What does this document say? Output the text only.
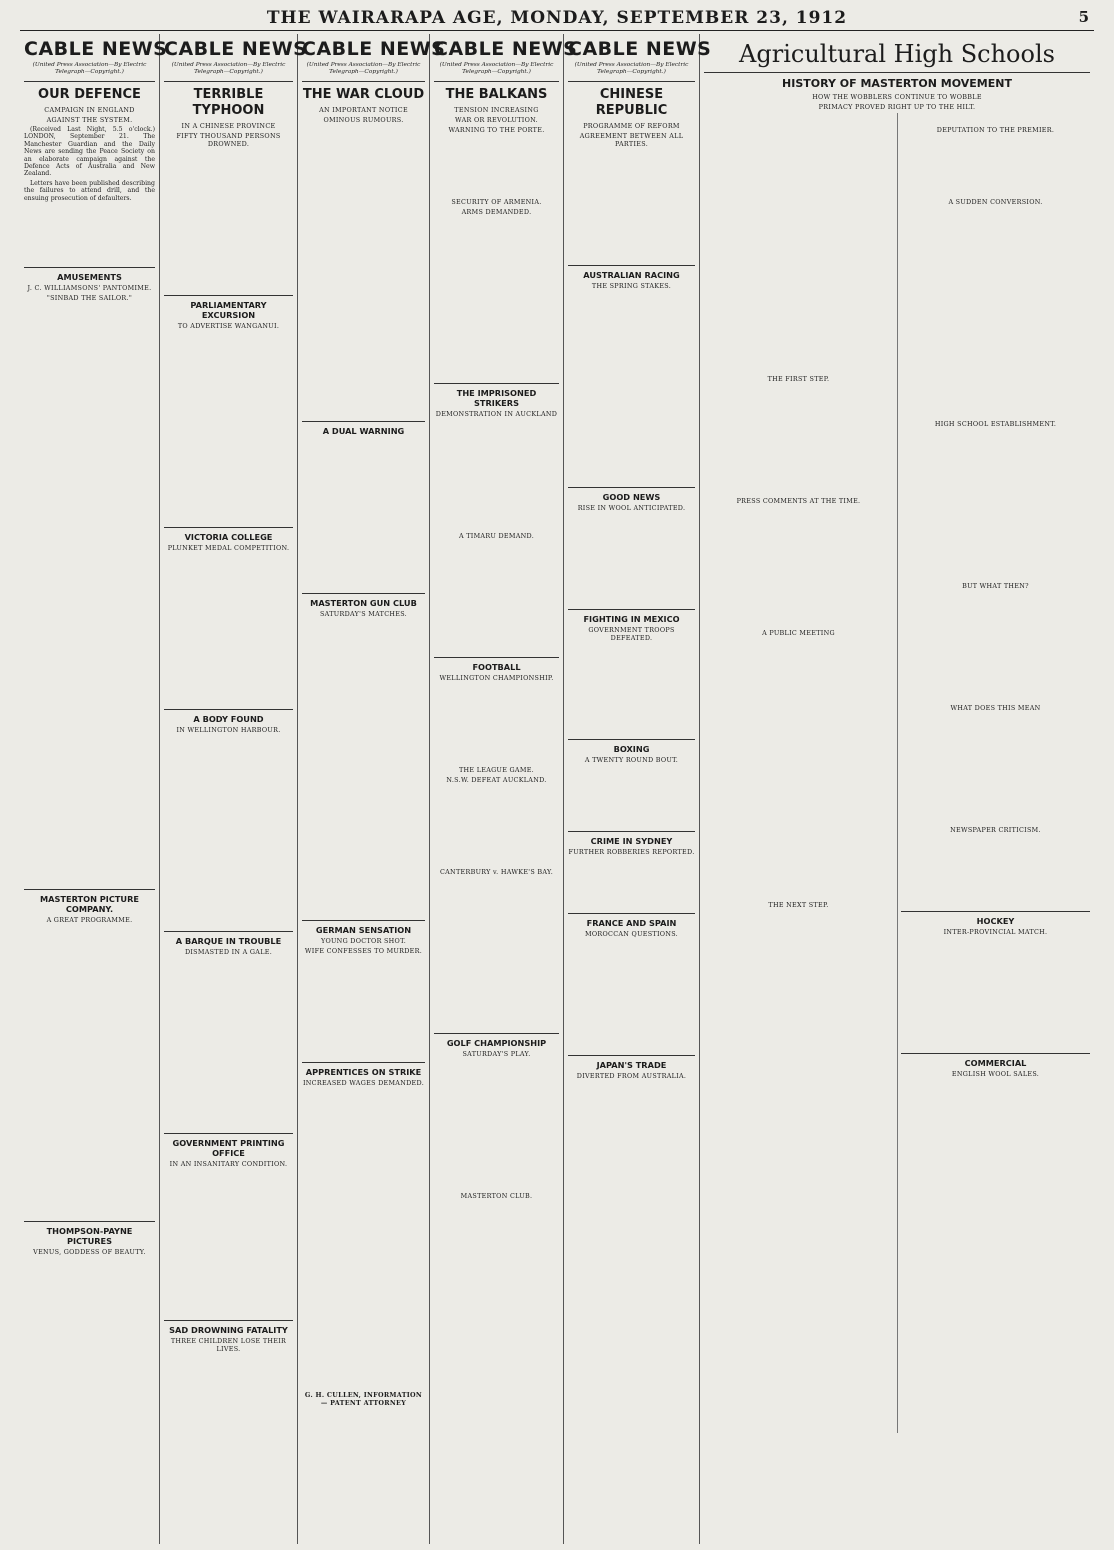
THE WAIRARAPA AGE, MONDAY, SEPTEMBER 23, 1912	5
CABLE NEWS
(United Press Association—By Electric Telegraph—Copyright.)
OUR DEFENCE
CAMPAIGN IN ENGLAND
AGAINST THE SYSTEM.

(Received Last Night, 5.5 o'clock.) LONDON, September 21. The Manchester Guardian and the Daily News are sending the Peace Society on an elaborate campaign against the Defence Acts of Australia and New Zealand.

Letters have been published describing the failures to attend drill, and the ensuing prosecution of defaulters.

AMUSEMENTS
J. C. WILLIAMSONS' PANTOMIME.
"SINBAD THE SAILOR."
MASTERTON PICTURE COMPANY.
A GREAT PROGRAMME.
THOMPSON-PAYNE PICTURES
VENUS, GODDESS OF BEAUTY.
CABLE NEWS
(United Press Association—By Electric Telegraph—Copyright.)
TERRIBLE TYPHOON
IN A CHINESE PROVINCE
FIFTY THOUSAND PERSONS DROWNED.
PARLIAMENTARY EXCURSION
TO ADVERTISE WANGANUI.
VICTORIA COLLEGE
PLUNKET MEDAL COMPETITION.
A BODY FOUND
IN WELLINGTON HARBOUR.
A BARQUE IN TROUBLE
DISMASTED IN A GALE.
GOVERNMENT PRINTING OFFICE
IN AN INSANITARY CONDITION.
SAD DROWNING FATALITY
THREE CHILDREN LOSE THEIR LIVES.
CABLE NEWS
(United Press Association—By Electric Telegraph—Copyright.)
THE WAR CLOUD
AN IMPORTANT NOTICE
OMINOUS RUMOURS.
A DUAL WARNING
MASTERTON GUN CLUB
SATURDAY'S MATCHES.
GERMAN SENSATION
YOUNG DOCTOR SHOT.
WIFE CONFESSES TO MURDER.
APPRENTICES ON STRIKE
INCREASED WAGES DEMANDED.
G. H. CULLEN, INFORMATION — PATENT ATTORNEY
CABLE NEWS
(United Press Association—By Electric Telegraph—Copyright.)
THE BALKANS
TENSION INCREASING
WAR OR REVOLUTION.
WARNING TO THE PORTE.
SECURITY OF ARMENIA.
ARMS DEMANDED.
THE IMPRISONED STRIKERS
DEMONSTRATION IN AUCKLAND
A TIMARU DEMAND.
FOOTBALL
WELLINGTON CHAMPIONSHIP.
THE LEAGUE GAME.
N.S.W. DEFEAT AUCKLAND.
CANTERBURY v. HAWKE'S BAY.
GOLF CHAMPIONSHIP
SATURDAY'S PLAY.
MASTERTON CLUB.
CABLE NEWS
(United Press Association—By Electric Telegraph—Copyright.)
CHINESE REPUBLIC
PROGRAMME OF REFORM
AGREEMENT BETWEEN ALL PARTIES.
AUSTRALIAN RACING
THE SPRING STAKES.
GOOD NEWS
RISE IN WOOL ANTICIPATED.
FIGHTING IN MEXICO
GOVERNMENT TROOPS DEFEATED.
BOXING
A TWENTY ROUND BOUT.
CRIME IN SYDNEY
FURTHER ROBBERIES REPORTED.
FRANCE AND SPAIN
MOROCCAN QUESTIONS.
JAPAN'S TRADE
DIVERTED FROM AUSTRALIA.
Agricultural High Schools
HISTORY OF MASTERTON MOVEMENT
HOW THE WOBBLERS CONTINUE TO WOBBLE
PRIMACY PROVED RIGHT UP TO THE HILT.
THE FIRST STEP.
PRESS COMMENTS AT THE TIME.
A PUBLIC MEETING
THE NEXT STEP.
DEPUTATION TO THE PREMIER.
A SUDDEN CONVERSION.
HIGH SCHOOL ESTABLISHMENT.
BUT WHAT THEN?
WHAT DOES THIS MEAN
NEWSPAPER CRITICISM.
HOCKEY
INTER-PROVINCIAL MATCH.
COMMERCIAL
ENGLISH WOOL SALES.
